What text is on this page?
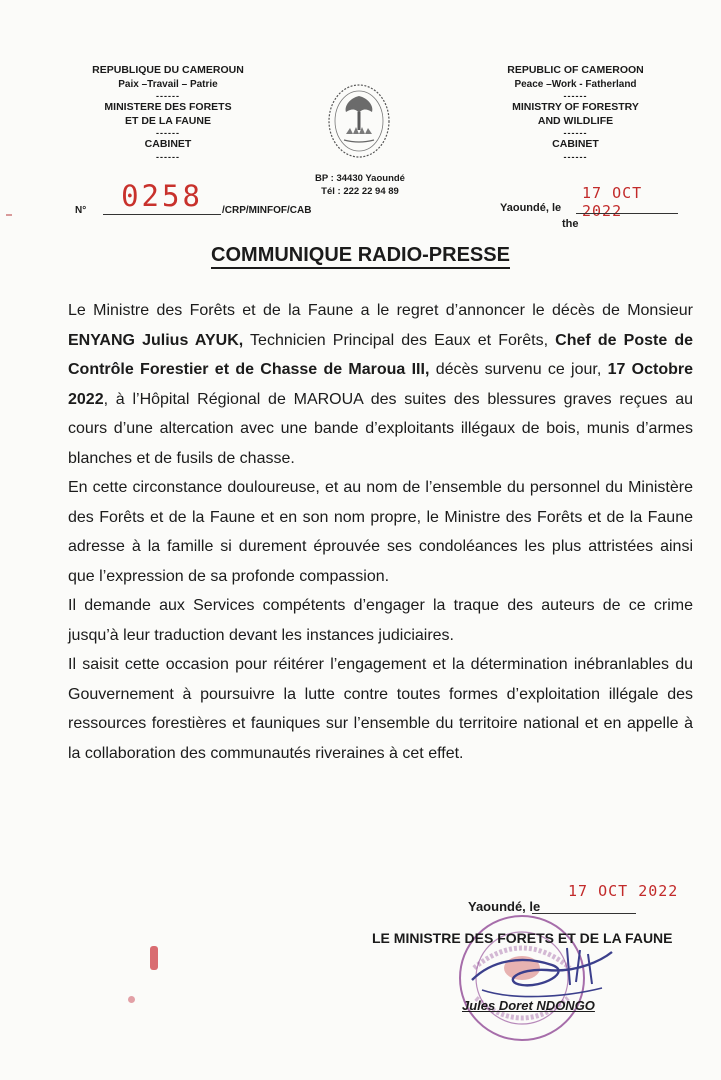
REPUBLIQUE DU CAMEROUN
Paix –Travail – Patrie
------
MINISTERE DES FORETS
ET DE LA FAUNE
------
CABINET
------
REPUBLIC OF CAMEROON
Peace –Work - Fatherland
------
MINISTRY OF FORESTRY
AND WILDLIFE
------
CABINET
------
BP : 34430 Yaoundé
Tél : 222 22 94 89
N°	0258	/CRP/MINFOF/CAB
17 OCT 2022
Yaoundé, le
the
COMMUNIQUE RADIO-PRESSE

Le Ministre des Forêts et de la Faune a le regret d’annoncer le décès de Monsieur ENYANG Julius AYUK, Technicien Principal des Eaux et Forêts, Chef de Poste de Contrôle Forestier et de Chasse de Maroua III, décès survenu ce jour, 17 Octobre 2022, à l’Hôpital Régional de MAROUA des suites des blessures graves reçues au cours d’une altercation avec une bande d’exploitants illégaux de bois, munis d’armes blanches et de fusils de chasse.

En cette circonstance douloureuse, et au nom de l’ensemble du personnel du Ministère des Forêts et de la Faune et en son nom propre, le Ministre des Forêts et de la Faune adresse à la famille si durement éprouvée ses condoléances les plus attristées ainsi que l’expression de sa profonde compassion.

Il demande aux Services compétents d’engager la traque des auteurs de ce crime jusqu’à leur traduction devant les instances judiciaires.

Il saisit cette occasion pour réitérer l’engagement et la détermination inébranlables du Gouvernement à poursuivre la lutte contre toutes formes d’exploitation illégale des ressources forestières et fauniques sur l’ensemble du territoire national et en appelle à la collaboration des communautés riveraines à cet effet.

17 OCT 2022
Yaoundé, le
LE MINISTRE DES FORETS ET DE LA FAUNE
Jules Doret NDONGO
